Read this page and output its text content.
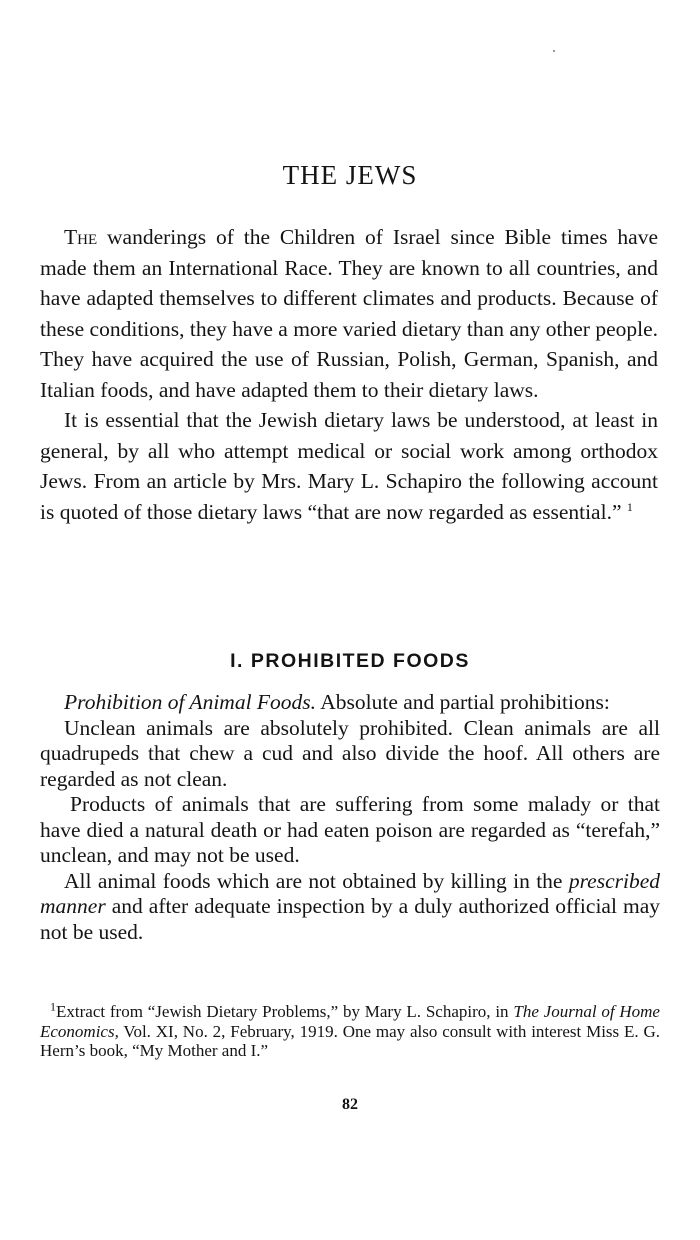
THE JEWS

The wanderings of the Children of Israel since Bible times have made them an International Race. They are known to all countries, and have adapted themselves to different climates and products. Because of these conditions, they have a more varied dietary than any other people. They have acquired the use of Russian, Polish, German, Spanish, and Italian foods, and have adapted them to their dietary laws.

It is essential that the Jewish dietary laws be understood, at least in general, by all who attempt medical or social work among orthodox Jews. From an article by Mrs. Mary L. Schapiro the following account is quoted of those dietary laws “that are now regarded as essential.” $^1$

I. PROHIBITED FOODS

Prohibition of Animal Foods. Absolute and partial prohibitions:

Unclean animals are absolutely prohibited. Clean animals are all quadrupeds that chew a cud and also divide the hoof. All others are regarded as not clean.

Products of animals that are suffering from some malady or that have died a natural death or had eaten poison are regarded as “terefah,” unclean, and may not be used.

All animal foods which are not obtained by killing in the prescribed manner and after adequate inspection by a duly authorized official may not be used.

$^1$Extract from “Jewish Dietary Problems,” by Mary L. Schapiro, in The Journal of Home Economics, Vol. XI, No. 2, February, 1919. One may also consult with interest Miss E. G. Hern’s book, “My Mother and I.”

82
